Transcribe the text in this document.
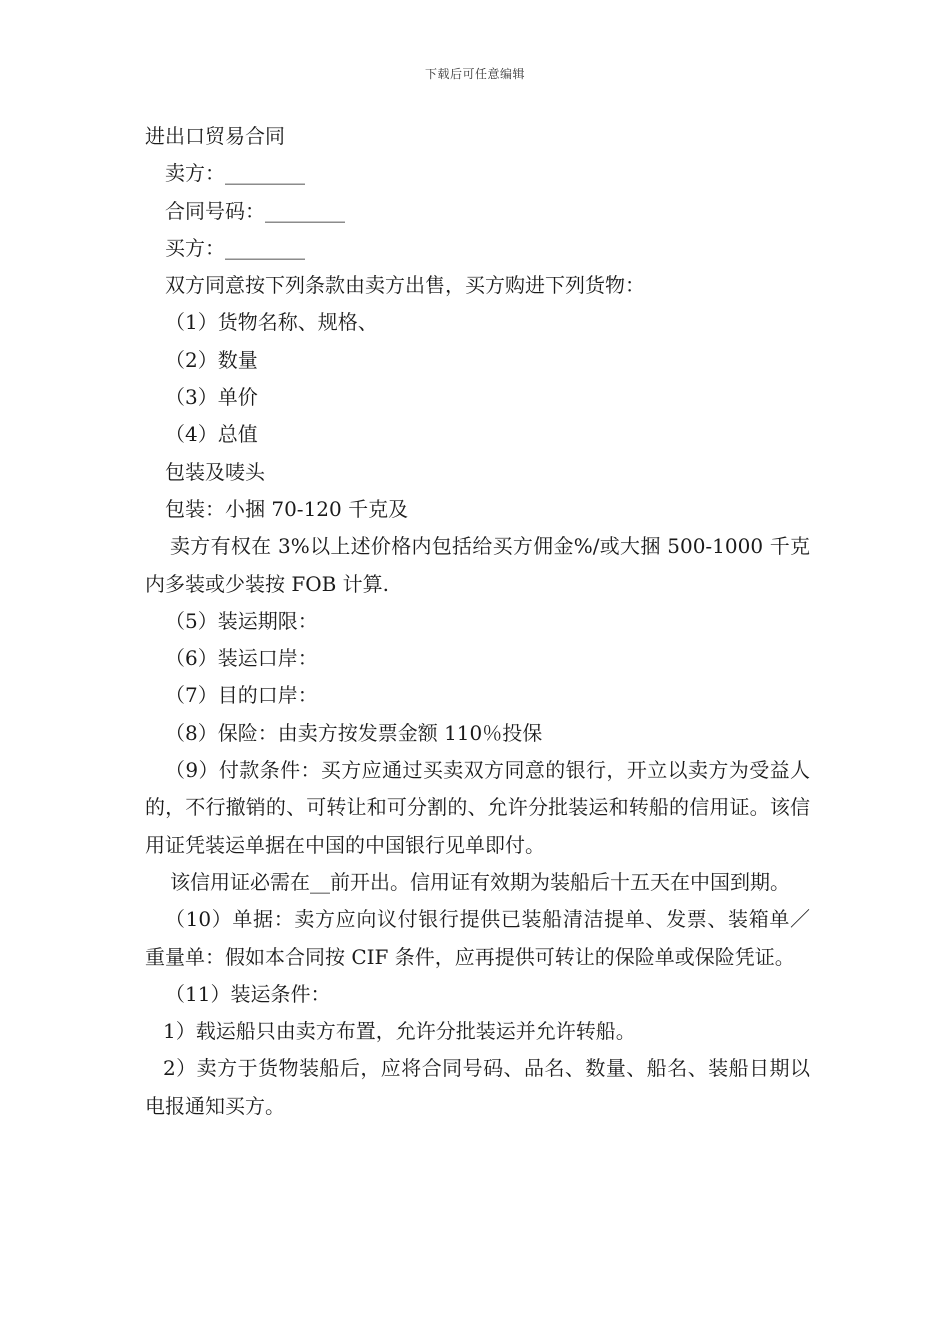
下载后可任意编辑

进出口贸易合同

卖方：________

合同号码：________

买方：________

双方同意按下列条款由卖方出售，买方购进下列货物：

（1）货物名称、规格、

（2）数量

（3）单价

（4）总值

包装及唛头

包装：小捆 70-120 千克及

卖方有权在 3%以上述价格内包括给买方佣金%/或大捆 500-1000 千克内多装或少装按 FOB 计算.

（5）装运期限：

（6）装运口岸：

（7）目的口岸：

（8）保险：由卖方按发票金额 110％投保

（9）付款条件：买方应通过买卖双方同意的银行，开立以卖方为受益人的，不行撤销的、可转让和可分割的、允许分批装运和转船的信用证。该信用证凭装运单据在中国的中国银行见单即付。

该信用证必需在__前开出。信用证有效期为装船后十五天在中国到期。

（10）单据：卖方应向议付银行提供已装船清洁提单、发票、装箱单／重量单：假如本合同按 CIF 条件，应再提供可转让的保险单或保险凭证。

（11）装运条件：

1）载运船只由卖方布置，允许分批装运并允许转船。

2）卖方于货物装船后，应将合同号码、品名、数量、船名、装船日期以电报通知买方。
